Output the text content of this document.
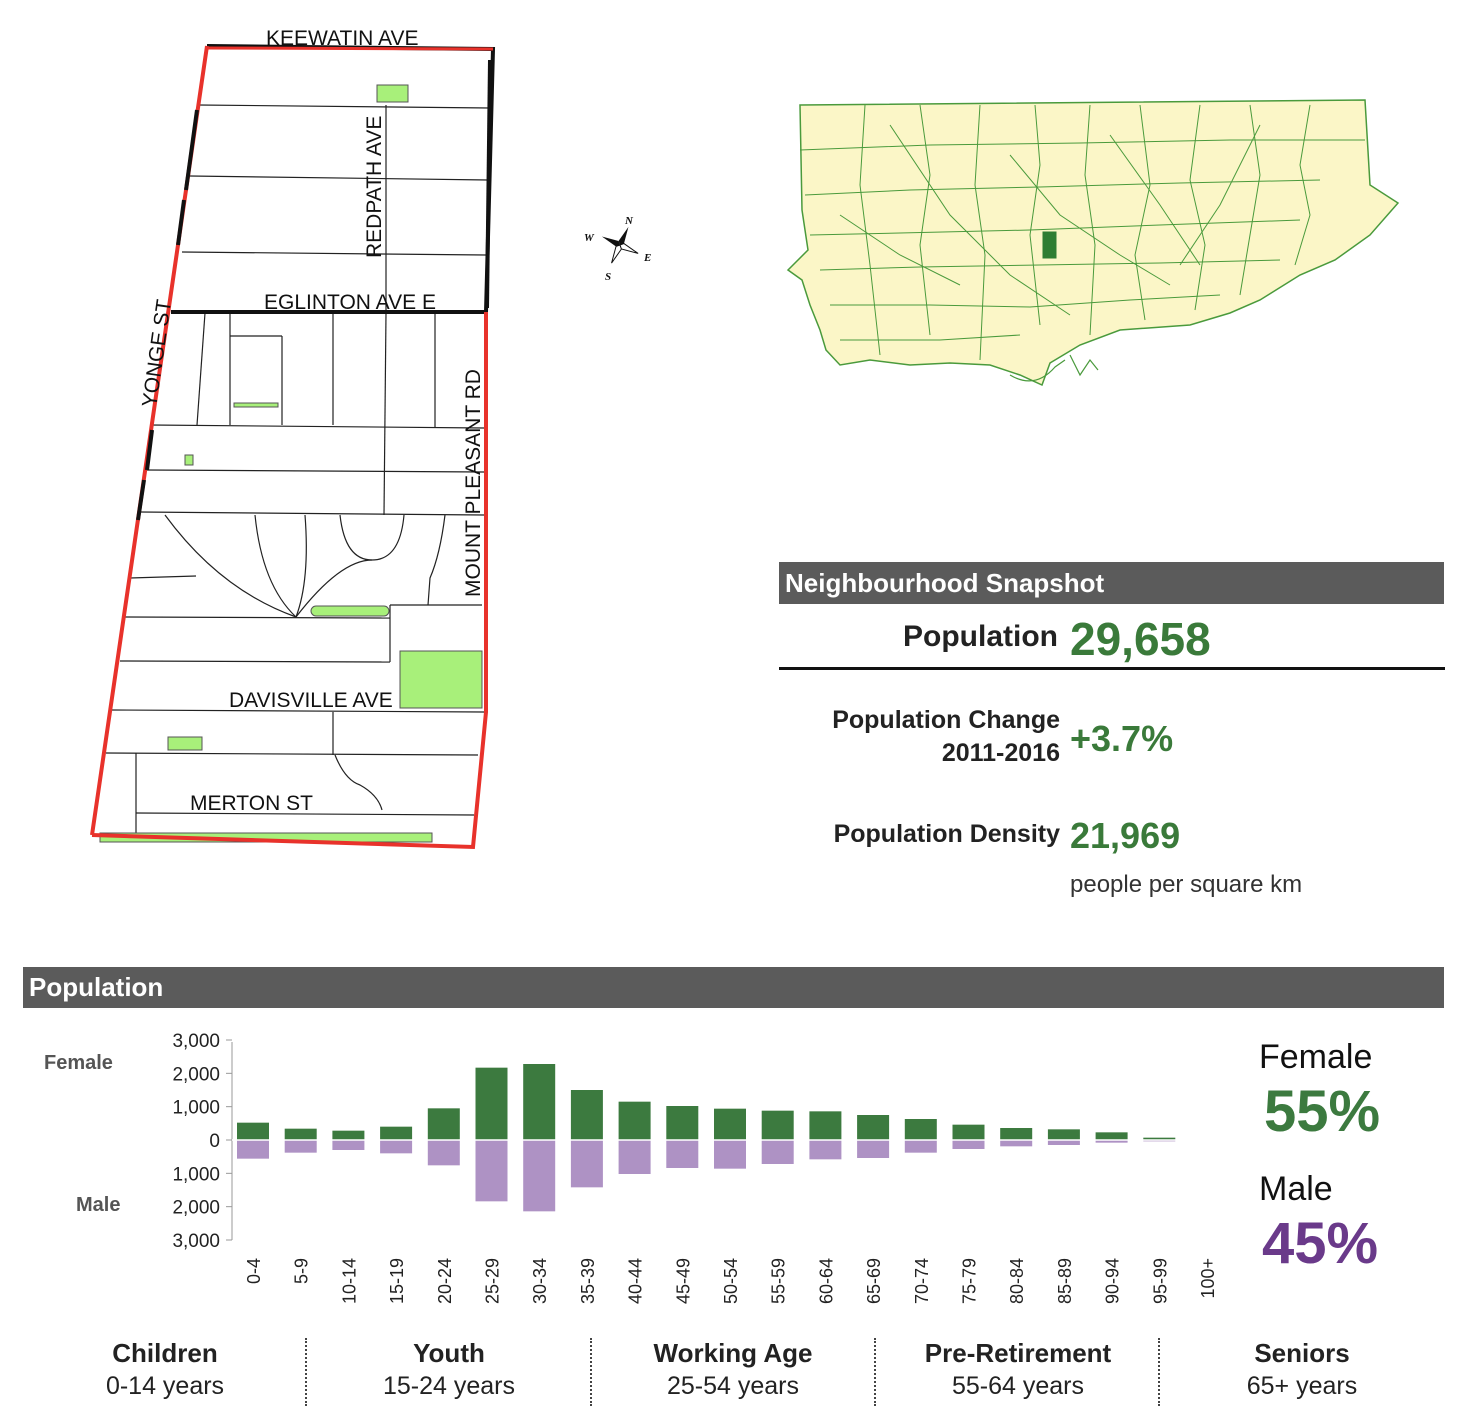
KEEWATIN AVE
REDPATH AVE
EGLINTON AVE E
YONGE ST
MOUNT PLEASANT RD
DAVISVILLE AVE
MERTON ST
N
S
E
W
Neighbourhood Snapshot
Population 29,658
Population Change
2011-2016 +3.7%
Population Density 21,969
people per square km
Population
Female
Male
3,000
2,000
1,000
0
1,000
2,000
3,000
0-4 5-9 10-14 15-19 20-24 25-29 30-34 35-39 40-44 45-49 50-54 55-59 60-64 65-69 70-74 75-79 80-84 85-89 90-94 95-99 100+
Female
55%
Male
45%
Children
0-14 years
Youth
15-24 years
Working Age
25-54 years
Pre-Retirement
55-64 years
Seniors
65+ years
